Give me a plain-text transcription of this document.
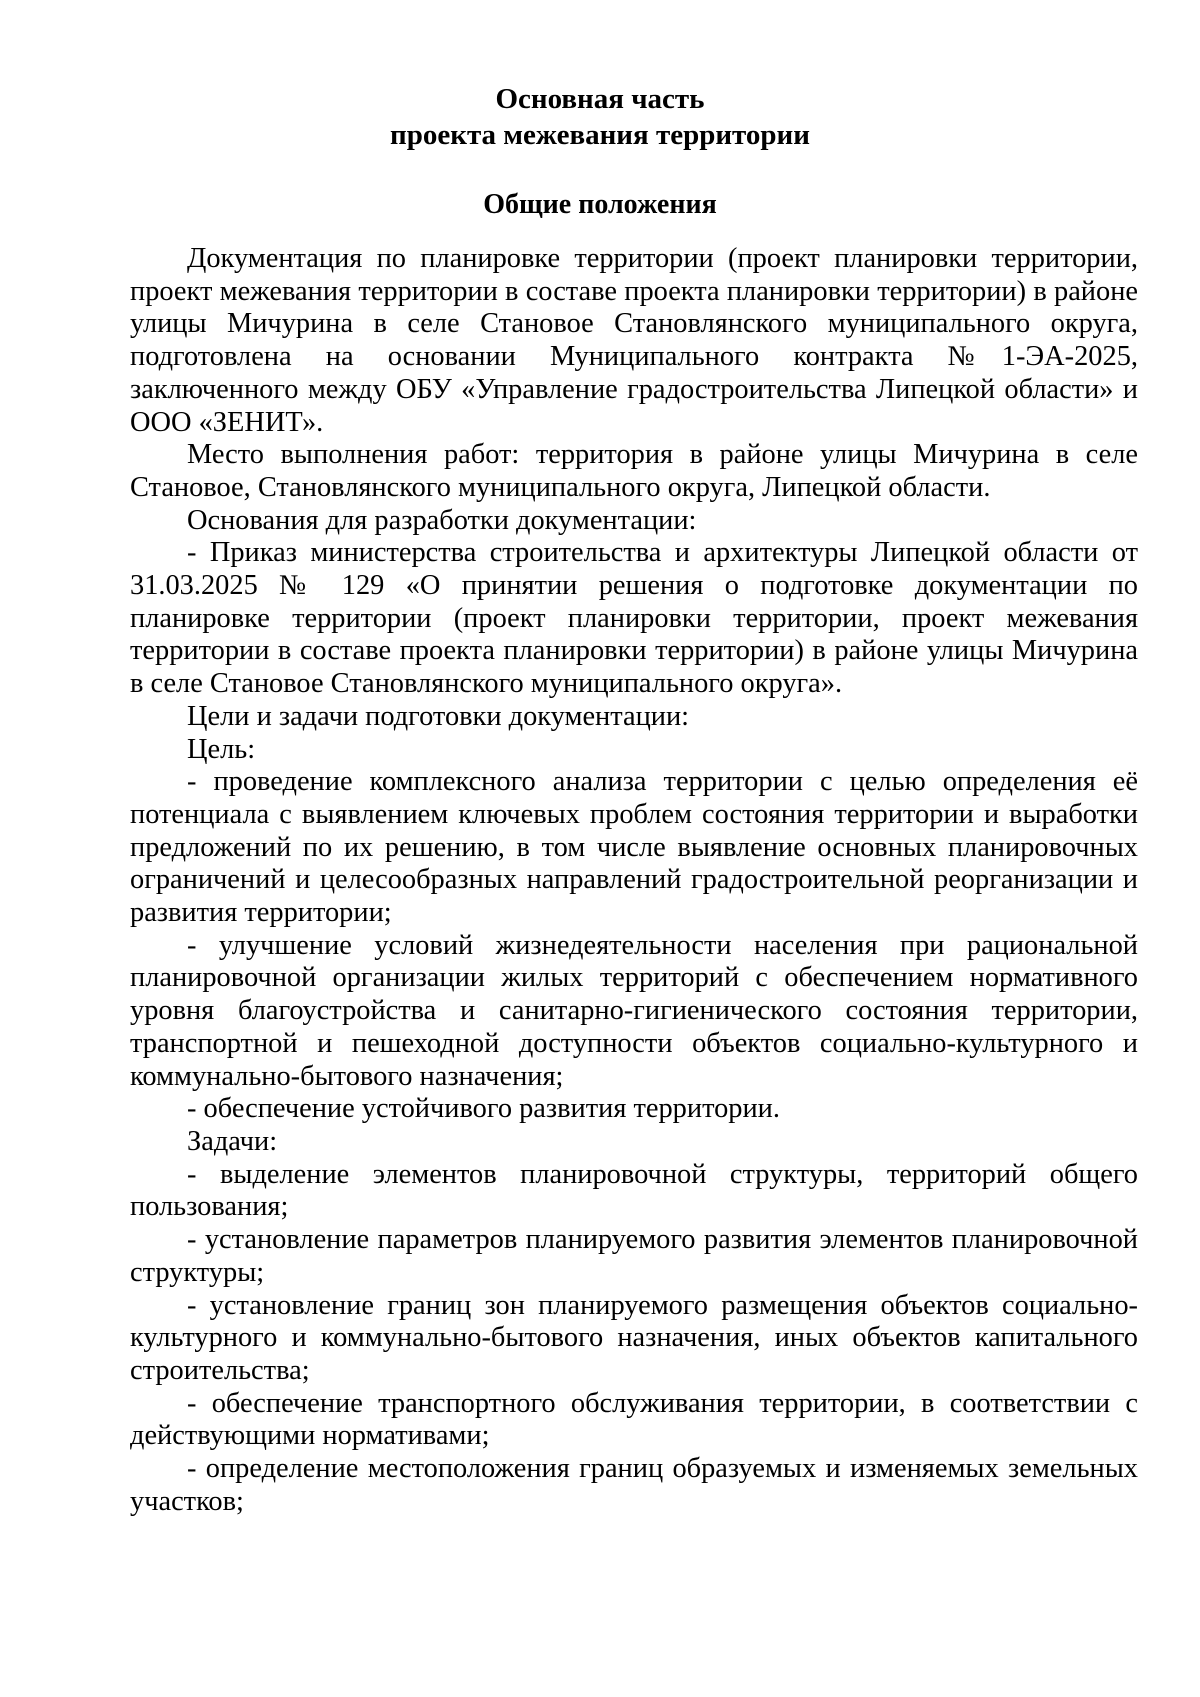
Основная часть
проекта межевания территории
Общие положения

Документация по планировке территории (проект планировки территории, проект межевания территории в составе проекта планировки территории) в районе улицы Мичурина в селе Становое Становлянского муниципального округа, подготовлена на основании Муниципального контракта №1-ЭА-2025, заключенного между ОБУ «Управление градостроительства Липецкой области» и ООО «ЗЕНИТ».

Место выполнения работ: территория в районе улицы Мичурина в селе Становое, Становлянского муниципального округа, Липецкой области.

Основания для разработки документации:

- Приказ министерства строительства и архитектуры Липецкой области от 31.03.2025 № 129 «О принятии решения о подготовке документации по планировке территории (проект планировки территории, проект межевания территории в составе проекта планировки территории) в районе улицы Мичурина в селе Становое Становлянского муниципального округа».

Цели и задачи подготовки документации:

Цель:

- проведение комплексного анализа территории с целью определения её потенциала с выявлением ключевых проблем состояния территории и выработки предложений по их решению, в том числе выявление основных планировочных ограничений и целесообразных направлений градостроительной реорганизации и развития территории;

- улучшение условий жизнедеятельности населения при рациональной планировочной организации жилых территорий с обеспечением нормативного уровня благоустройства и санитарно-гигиенического состояния территории, транспортной и пешеходной доступности объектов социально-культурного и коммунально-бытового назначения;

- обеспечение устойчивого развития территории.

Задачи:

- выделение элементов планировочной структуры, территорий общего пользования;

- установление параметров планируемого развития элементов планировочной структуры;

- установление границ зон планируемого размещения объектов социально-культурного и коммунально-бытового назначения, иных объектов капитального строительства;

- обеспечение транспортного обслуживания территории, в соответствии с действующими нормативами;

- определение местоположения границ образуемых и изменяемых земельных участков;
